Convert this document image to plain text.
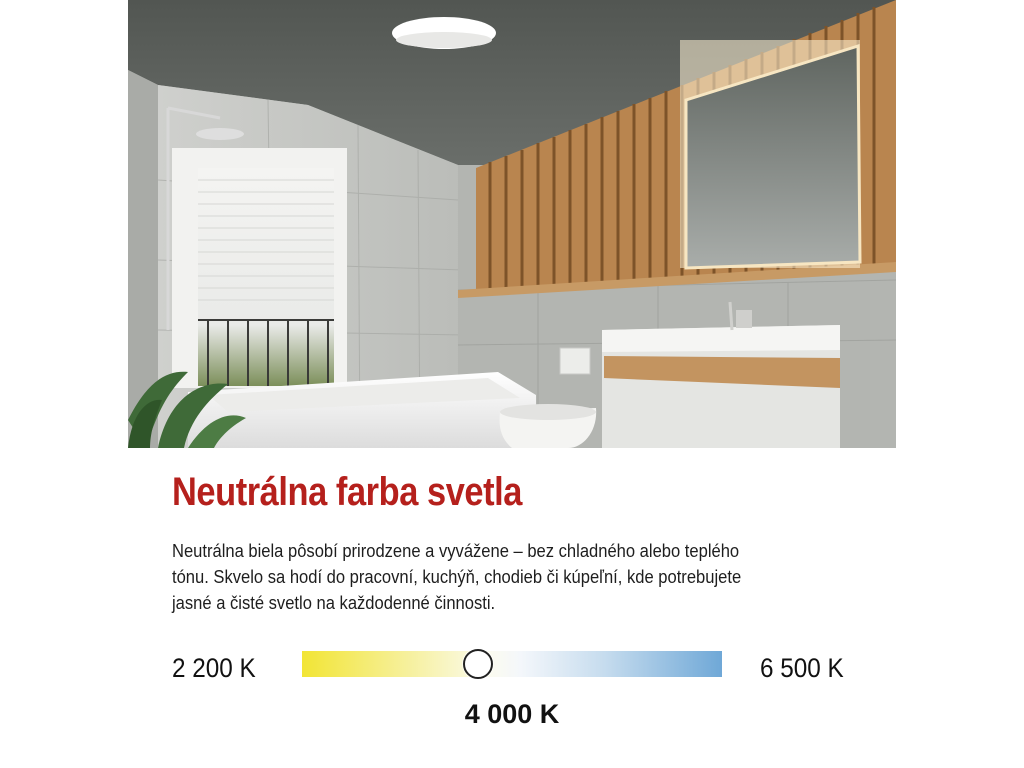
Neutrálna farba svetla
Neutrálna biela pôsobí prirodzene a vyvážene – bez chladného alebo teplého
tónu. Skvelo sa hodí do pracovní, kuchýň, chodieb či kúpeľní, kde potrebujete
jasné a čisté svetlo na každodenné činnosti.
2 200 K	6 500 K
4 000 K
